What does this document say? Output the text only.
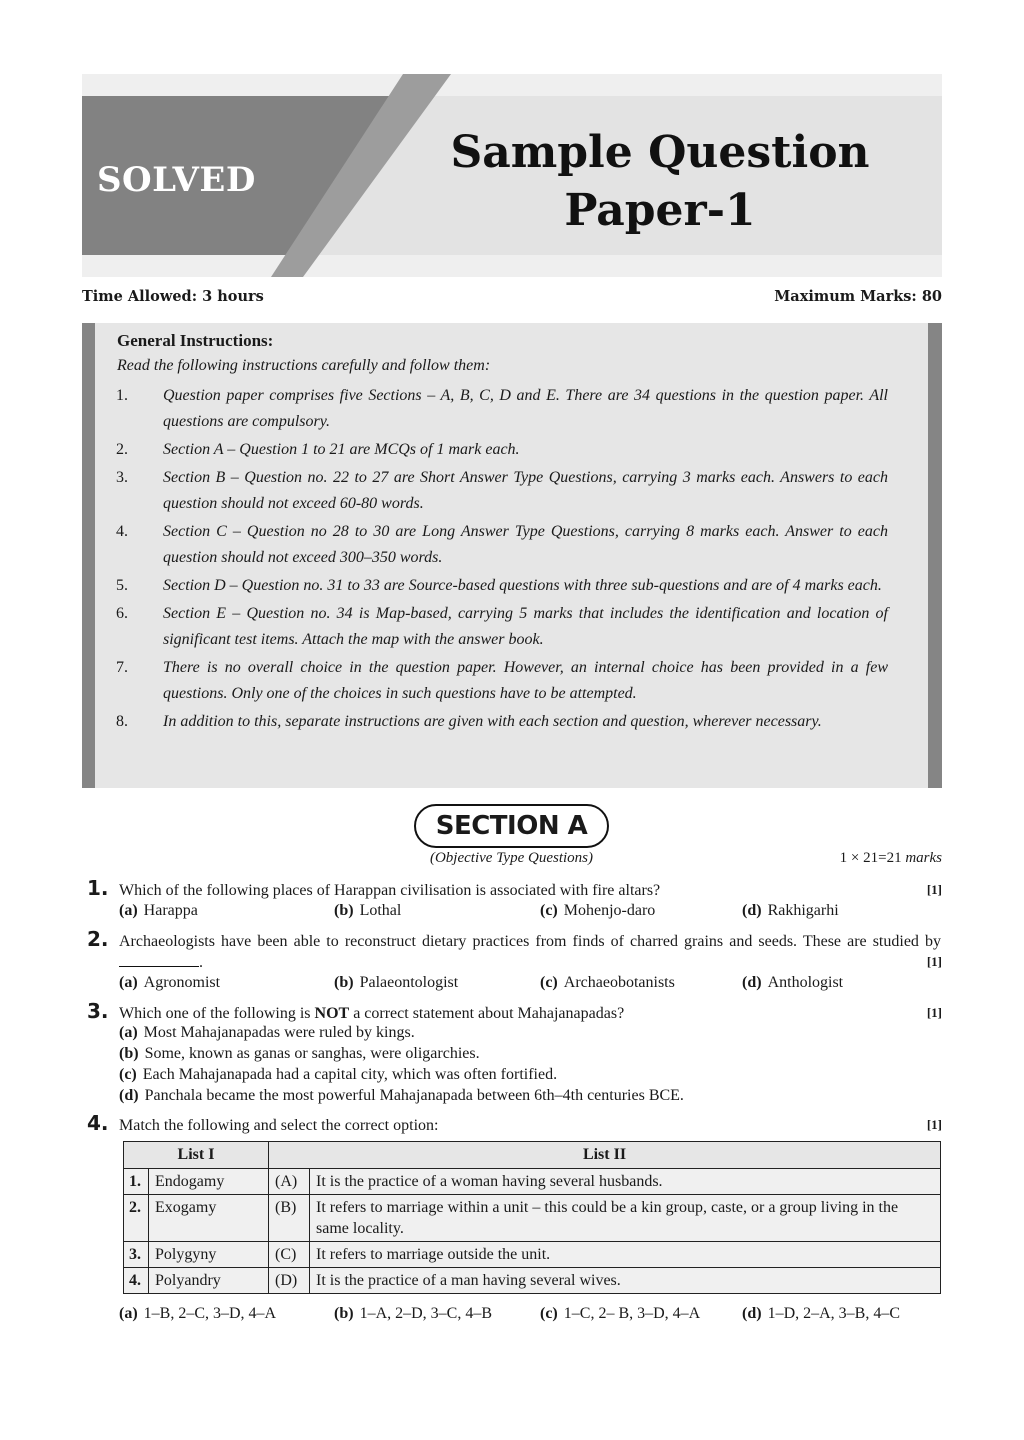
SOLVED
Sample Question
Paper-1
Time Allowed: 3 hours	Maximum Marks: 80
General Instructions:
Read the following instructions carefully and follow them:
1.	Question paper comprises five Sections – A, B, C, D and E. There are 34 questions in the question paper. All questions are compulsory.
2.	Section A – Question 1 to 21 are MCQs of 1 mark each.
3.	Section B – Question no. 22 to 27 are Short Answer Type Questions, carrying 3 marks each. Answers to each question should not exceed 60-80 words.
4.	Section C – Question no 28 to 30 are Long Answer Type Questions, carrying 8 marks each. Answer to each question should not exceed 300–350 words.
5.	Section D – Question no. 31 to 33 are Source-based questions with three sub-questions and are of 4 marks each.
6.	Section E – Question no. 34 is Map-based, carrying 5 marks that includes the identification and location of significant test items. Attach the map with the answer book.
7.	There is no overall choice in the question paper. However, an internal choice has been provided in a few questions. Only one of the choices in such questions have to be attempted.
8.	In addition to this, separate instructions are given with each section and question, wherever necessary.
SECTION A
(Objective Type Questions)	1 × 21=21 marks
1. Which of the following places of Harappan civilisation is associated with fire altars?	[1]
(a) Harappa	(b) Lothal	(c) Mohenjo-daro	(d) Rakhigarhi
2. Archaeologists have been able to reconstruct dietary practices from finds of charred grains and seeds. These are studied by .	[1]
(a) Agronomist	(b) Palaeontologist	(c) Archaeobotanists	(d) Anthologist
3. Which one of the following is NOT a correct statement about Mahajanapadas?	[1]
(a) Most Mahajanapadas were ruled by kings.
(b) Some, known as ganas or sanghas, were oligarchies.
(c) Each Mahajanapada had a capital city, which was often fortified.
(d) Panchala became the most powerful Mahajanapada between 6th–4th centuries BCE.
4. Match the following and select the correct option:	[1]
List I		List II	
1.	Endogamy	(A)	It is the practice of a woman having several husbands.
2.	Exogamy	(B)	It refers to marriage within a unit – this could be a kin group, caste, or a group living in the same locality.
3.	Polygyny	(C)	It refers to marriage outside the unit.
4.	Polyandry	(D)	It is the practice of a man having several wives.
(a) 1–B, 2–C, 3–D, 4–A	(b) 1–A, 2–D, 3–C, 4–B	(c) 1–C, 2– B, 3–D, 4–A	(d) 1–D, 2–A, 3–B, 4–C
